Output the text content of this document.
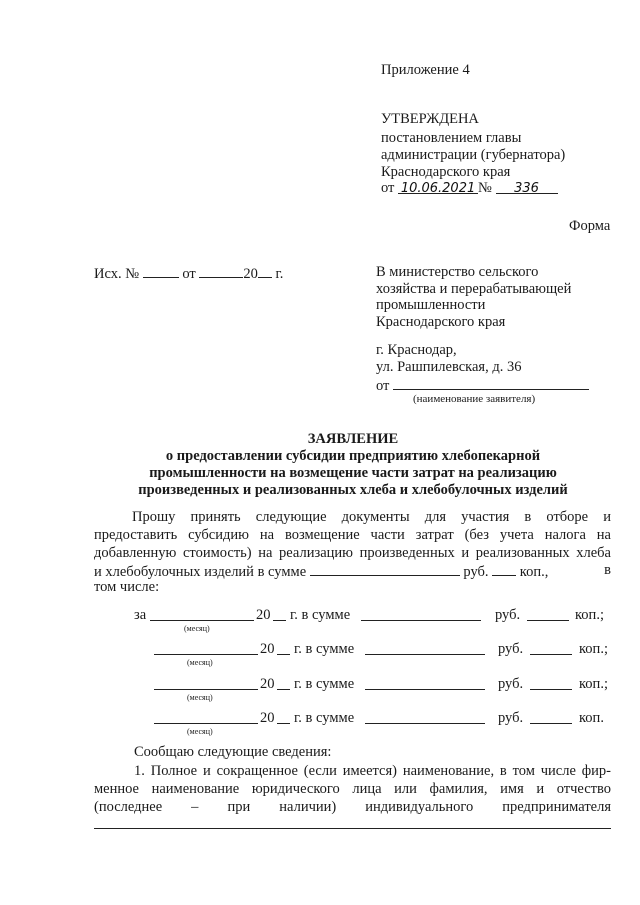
Приложение 4
УТВЕРЖДЕНА
постановлением главы
администрации (губернатора)
Краснодарского края
от 10.06.2021 № 336
Форма
Исх. №	от	20 г.	В министерство сельского
хозяйства и перерабатывающей
промышленности
Краснодарского края
г. Краснодар,
ул. Рашпилевская, д. 36
от
(наименование заявителя)
ЗАЯВЛЕНИЕ
о предоставлении субсидии предприятию хлебопекарной
промышленности на возмещение части затрат на реализацию
произведенных и реализованных хлеба и хлебобулочных изделий
Прошу принять следующие документы для участия в отборе и
предоставить субсидию на возмещение части затрат (без учета налога на
добавленную стоимость) на реализацию произведенных и реализованных хлеба
и хлебобулочных изделий в сумме	руб. коп.,	в
том числе:
за	20 г. в сумме	руб.	коп.;
(месяц)
20 г. в сумме	руб.	коп.;
(месяц)
20 г. в сумме	руб.	коп.;
(месяц)
20 г. в сумме	руб.	коп.
(месяц)
Сообщаю следующие сведения:
1. Полное и сокращенное (если имеется) наименование, в том числе фир-
менное наименование юридического лица или фамилия, имя и отчество
(последнее – при наличии) индивидуального предпринимателя
